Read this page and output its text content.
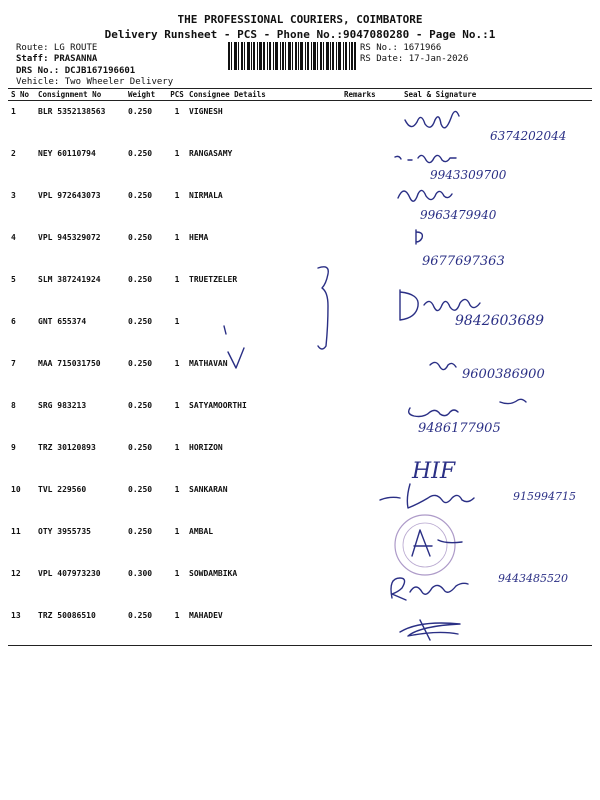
THE PROFESSIONAL COURIERS, COIMBATORE
Delivery Runsheet - PCS - Phone No.:9047080280 - Page No.:1
Route: LG ROUTE
Staff: PRASANNA
DRS No.: DCJB167196601
Vehicle: Two Wheeler Delivery
RS No.: 1671966
RS Date: 17-Jan-2026
S No	Consignment No	Weight	PCS	Consignee Details	Remarks	Seal & Signature
1	BLR 5352138563	0.250	1	VIGNESH		
2	NEY 60110794	0.250	1	RANGASAMY		
3	VPL 972643073	0.250	1	NIRMALA		
4	VPL 945329072	0.250	1	HEMA		
5	SLM 387241924	0.250	1	TRUETZELER		
6	GNT 655374	0.250	1			
7	MAA 715031750	0.250	1	MATHAVAN		
8	SRG 983213	0.250	1	SATYAMOORTHI		
9	TRZ 30120893	0.250	1	HORIZON		
10	TVL 229560	0.250	1	SANKARAN		
11	OTY 3955735	0.250	1	AMBAL		
12	VPL 407973230	0.300	1	SOWDAMBIKA		
13	TRZ 50086510	0.250	1	MAHADEV		
6374202044
9943309700
9963479940
9677697363
9842603689
9600386900
9486177905
HIF
915994715
9443485520
